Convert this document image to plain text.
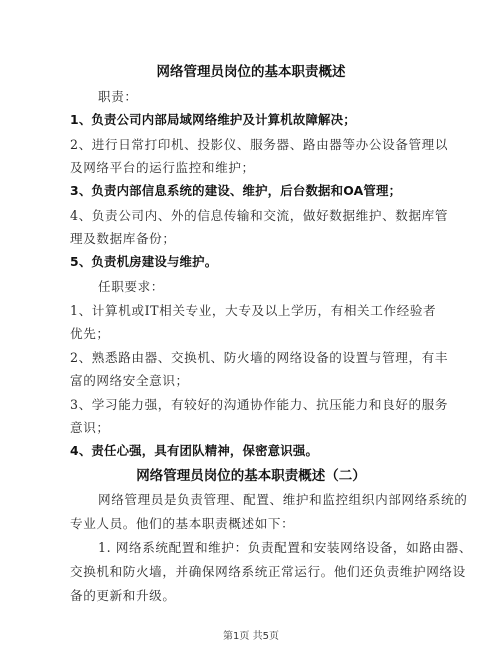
网络管理员岗位的基本职责概述
职责：
1、负责公司内部局域网络维护及计算机故障解决；
2、进行日常打印机、投影仪、服务器、路由器等办公设备管理以
及网络平台的运行监控和维护；
3、负责内部信息系统的建设、维护，后台数据和OA管理；
4、负责公司内、外的信息传输和交流，做好数据维护、数据库管
理及数据库备份；
5、负责机房建设与维护。
任职要求：
1、计算机或IT相关专业，大专及以上学历，有相关工作经验者
优先；
2、熟悉路由器、交换机、防火墙的网络设备的设置与管理，有丰
富的网络安全意识；
3、学习能力强，有较好的沟通协作能力、抗压能力和良好的服务
意识；
4、责任心强，具有团队精神，保密意识强。
网络管理员岗位的基本职责概述（二）
网络管理员是负责管理、配置、维护和监控组织内部网络系统的
专业人员。他们的基本职责概述如下：
1. 网络系统配置和维护：负责配置和安装网络设备，如路由器、
交换机和防火墙，并确保网络系统正常运行。他们还负责维护网络设
备的更新和升级。
第1页 共5页
